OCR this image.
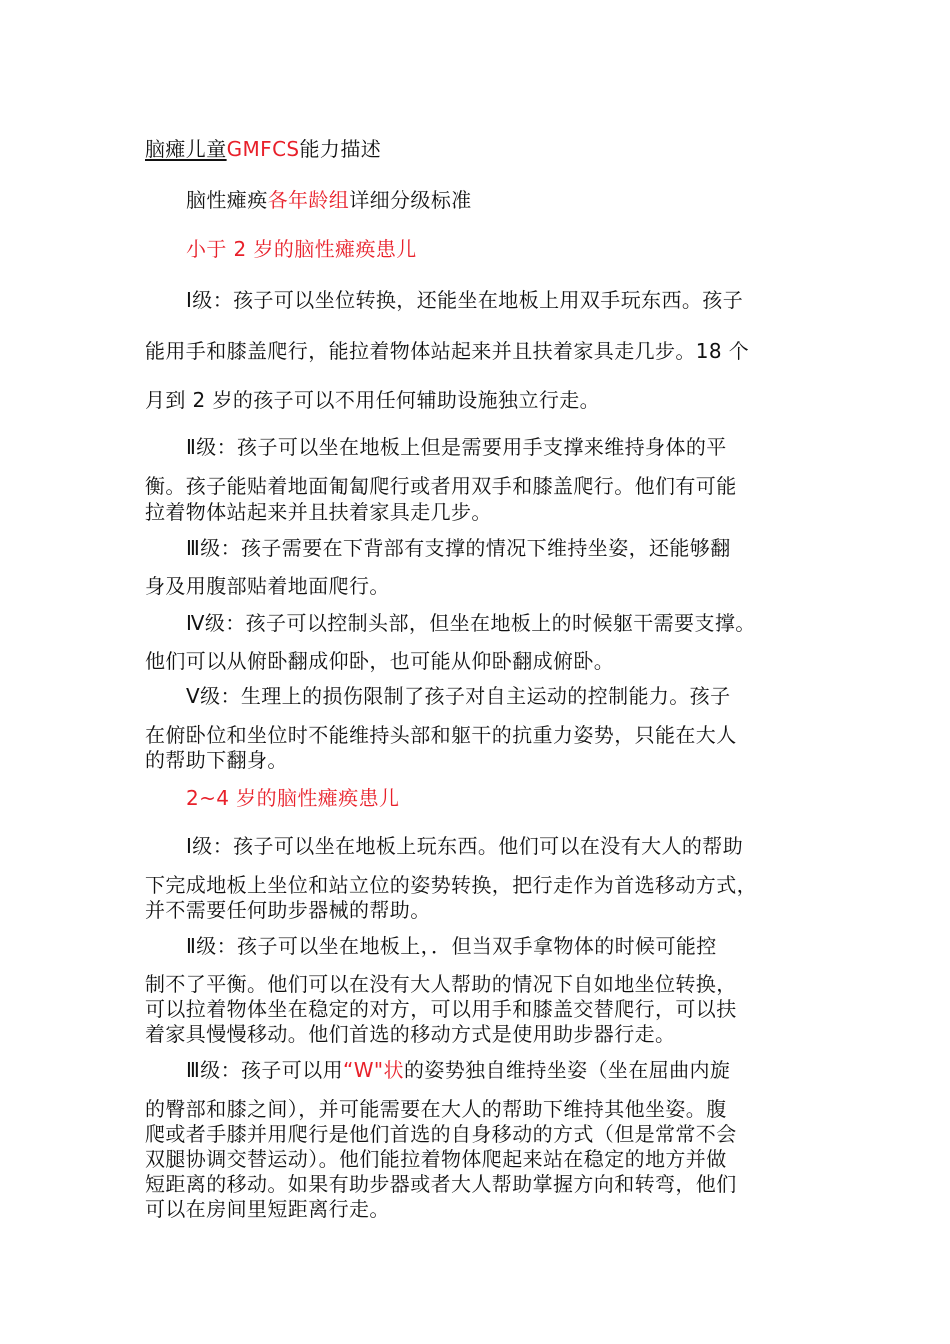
脑瘫儿童GMFCS能力描述
脑性瘫痪各年龄组详细分级标准
小于 2 岁的脑性瘫痪患儿
Ⅰ级：孩子可以坐位转换，还能坐在地板上用双手玩东西。孩子
能用手和膝盖爬行，能拉着物体站起来并且扶着家具走几步。18 个
月到 2 岁的孩子可以不用任何辅助设施独立行走。
Ⅱ级：孩子可以坐在地板上但是需要用手支撑来维持身体的平
衡。孩子能贴着地面匍匐爬行或者用双手和膝盖爬行。他们有可能
拉着物体站起来并且扶着家具走几步。
Ⅲ级：孩子需要在下背部有支撑的情况下维持坐姿，还能够翻
身及用腹部贴着地面爬行。
Ⅳ级：孩子可以控制头部，但坐在地板上的时候躯干需要支撑。
他们可以从俯卧翻成仰卧，也可能从仰卧翻成俯卧。
Ⅴ级：生理上的损伤限制了孩子对自主运动的控制能力。孩子
在俯卧位和坐位时不能维持头部和躯干的抗重力姿势，只能在大人
的帮助下翻身。
2~4 岁的脑性瘫痪患儿
Ⅰ级：孩子可以坐在地板上玩东西。他们可以在没有大人的帮助
下完成地板上坐位和站立位的姿势转换，把行走作为首选移动方式，
并不需要任何助步器械的帮助。
Ⅱ级：孩子可以坐在地板上，．但当双手拿物体的时候可能控
制不了平衡。他们可以在没有大人帮助的情况下自如地坐位转换，
可以拉着物体坐在稳定的对方，可以用手和膝盖交替爬行，可以扶
着家具慢慢移动。他们首选的移动方式是使用助步器行走。
Ⅲ级：孩子可以用“W"状的姿势独自维持坐姿（坐在屈曲内旋
的臀部和膝之间），并可能需要在大人的帮助下维持其他坐姿。腹
爬或者手膝并用爬行是他们首选的自身移动的方式（但是常常不会
双腿协调交替运动）。他们能拉着物体爬起来站在稳定的地方并做
短距离的移动。如果有助步器或者大人帮助掌握方向和转弯，他们
可以在房间里短距离行走。
